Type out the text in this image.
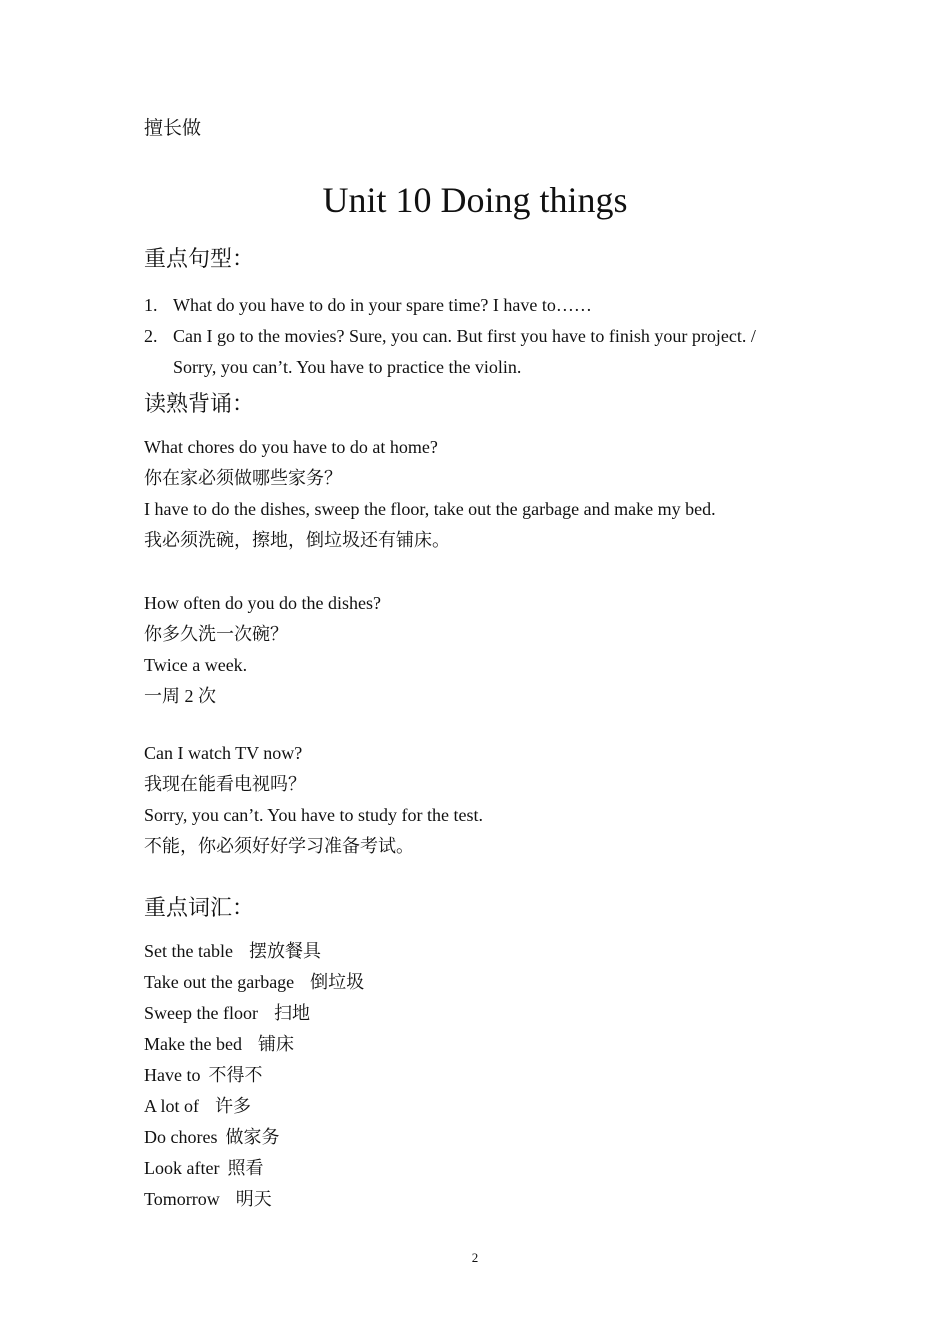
擅长做
Unit 10 Doing things
重点句型：
1. What do you have to do in your spare time? I have to……
2. Can I go to the movies? Sure, you can. But first you have to finish your project. /
Sorry, you can’t. You have to practice the violin.
读熟背诵：
What chores do you have to do at home?
你在家必须做哪些家务？
I have to do the dishes, sweep the floor, take out the garbage and make my bed.
我必须洗碗，擦地，倒垃圾还有铺床。
How often do you do the dishes?
你多久洗一次碗？
Twice a week.
一周 2 次
Can I watch TV now?
我现在能看电视吗？
Sorry, you can’t. You have to study for the test.
不能，你必须好好学习准备考试。
重点词汇：
Set the table 摆放餐具
Take out the garbage 倒垃圾
Sweep the floor 扫地
Make the bed 铺床
Have to 不得不
A lot of 许多
Do chores 做家务
Look after 照看
Tomorrow 明天
2
